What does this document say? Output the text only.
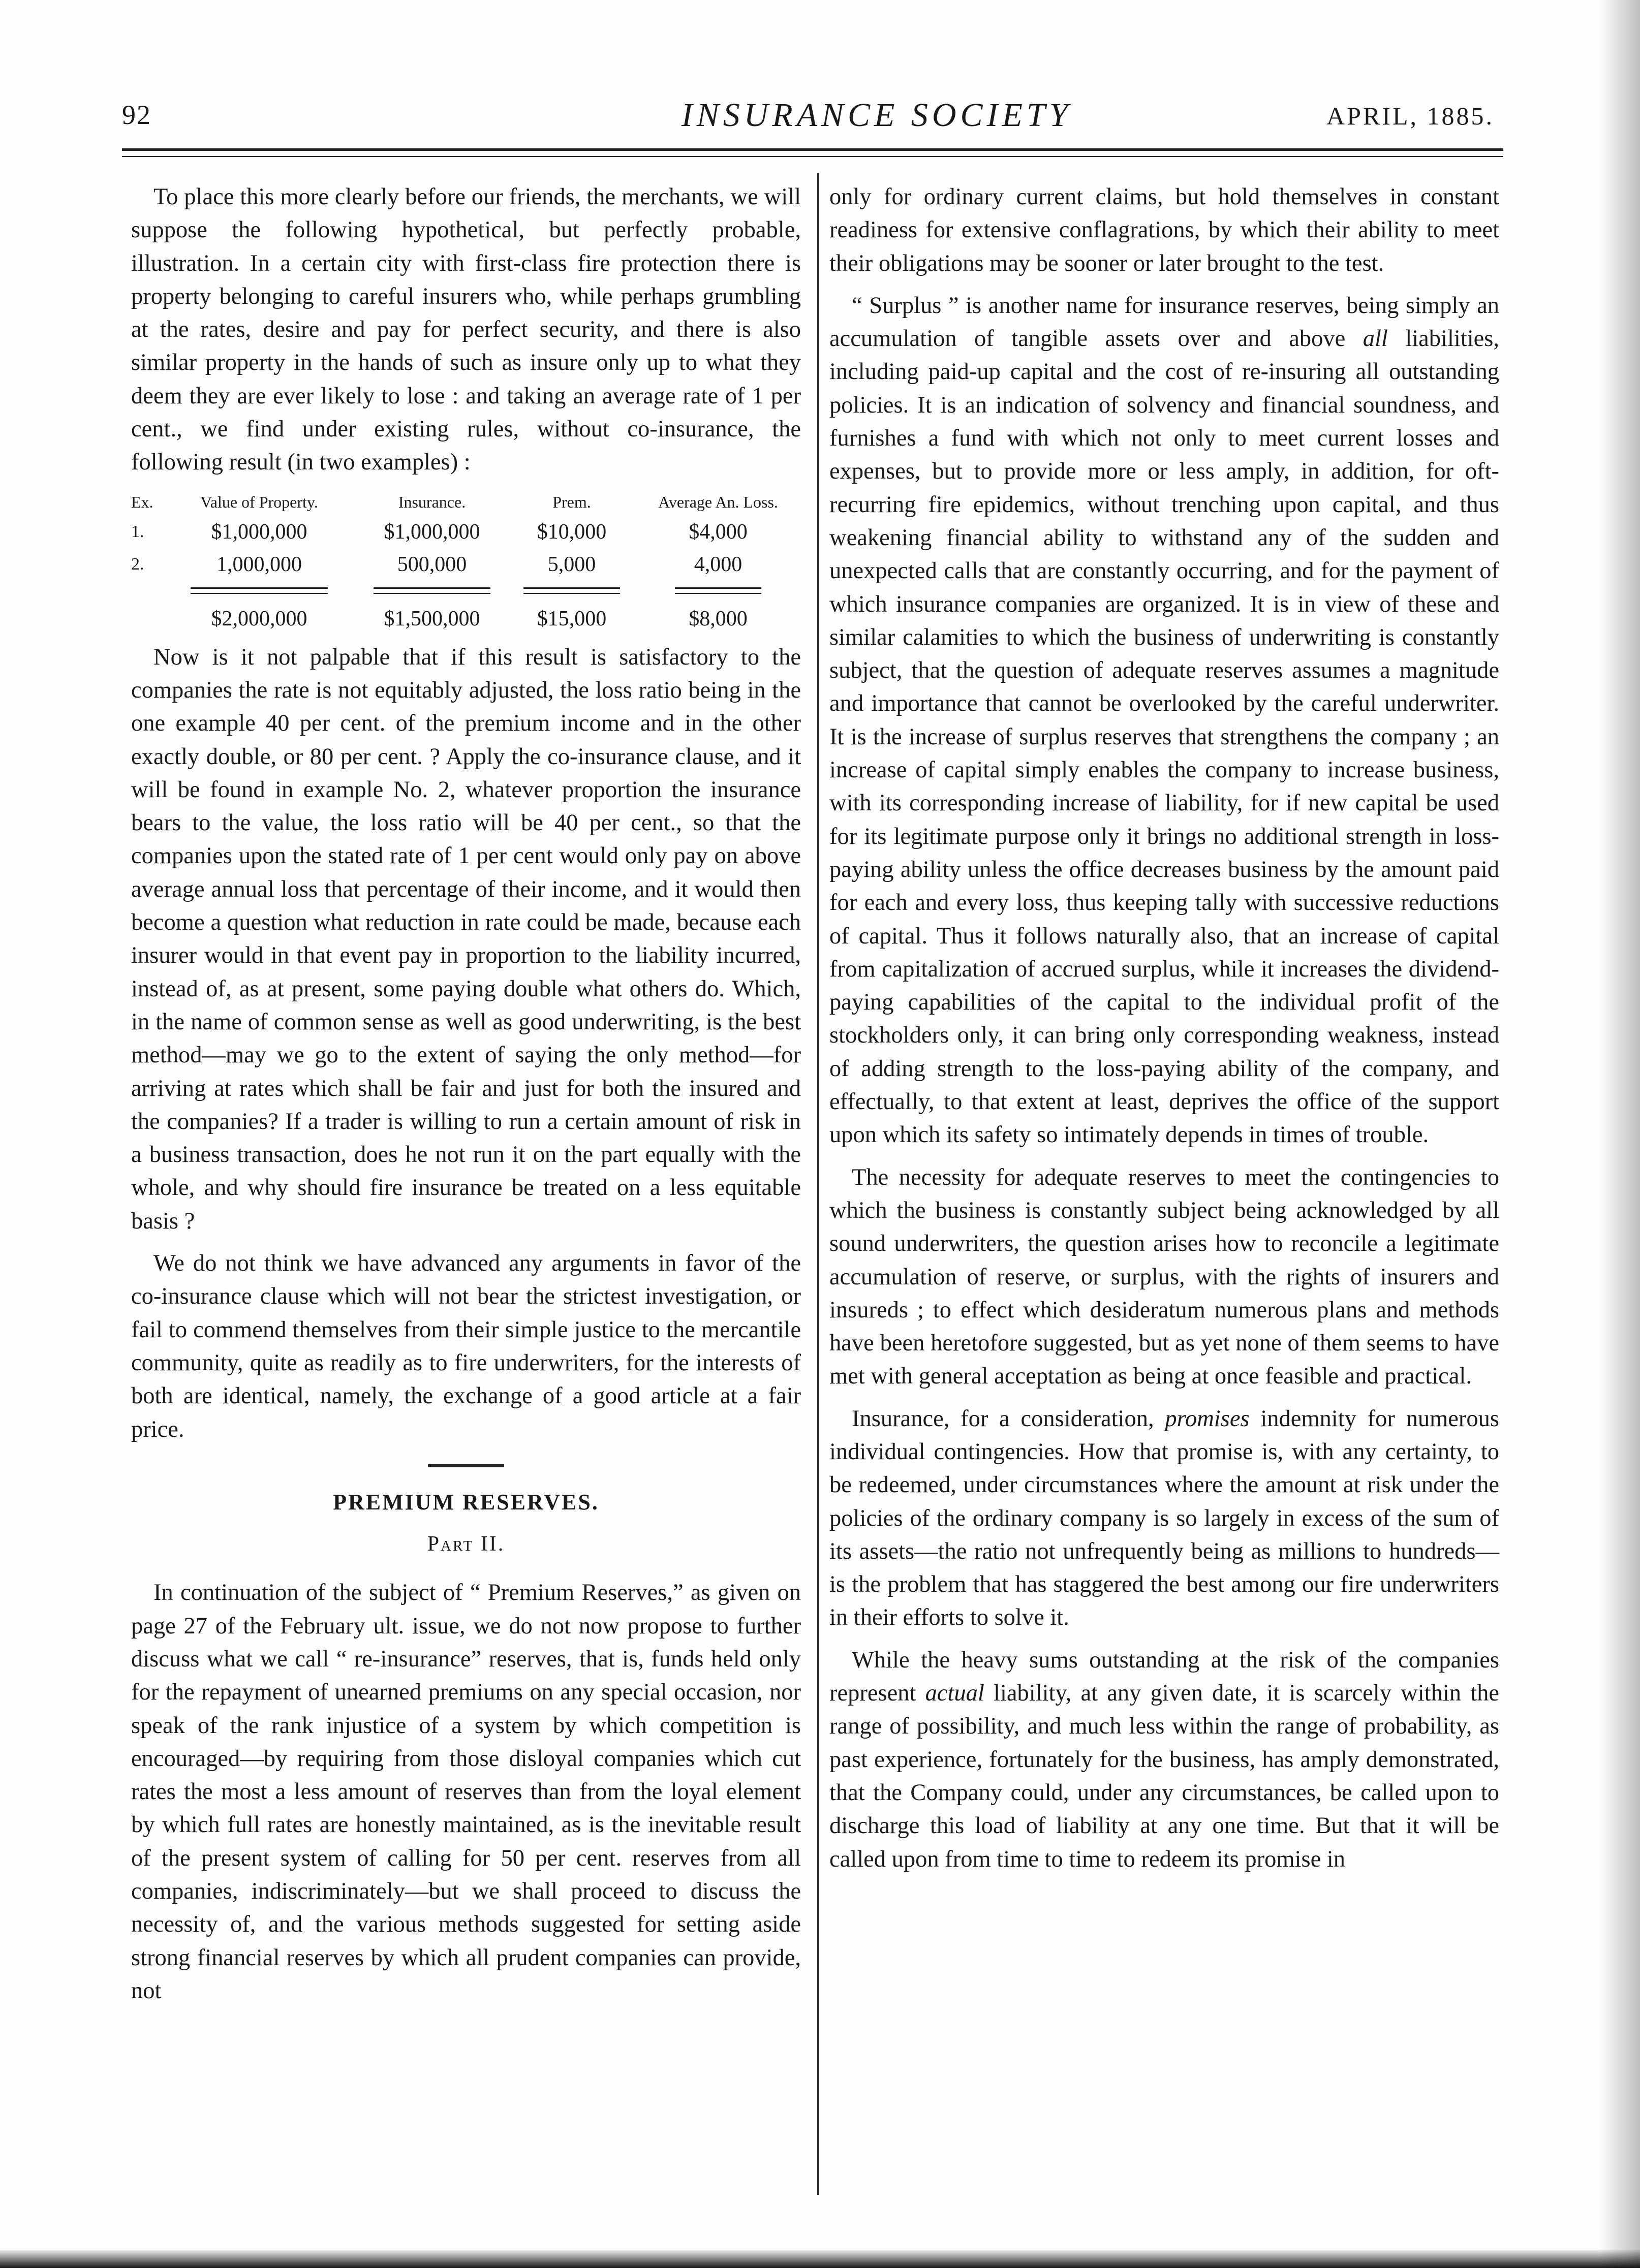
92	INSURANCE SOCIETY	APRIL, 1885.

To place this more clearly before our friends, the merchants, we will suppose the following hypothetical, but perfectly probable, illustration. In a certain city with first-class fire protection there is property belonging to careful insurers who, while perhaps grumbling at the rates, desire and pay for perfect security, and there is also similar property in the hands of such as insure only up to what they deem they are ever likely to lose : and taking an average rate of 1 per cent., we find under existing rules, without co-insurance, the following result (in two examples) :

Ex.	Value of Property.	Insurance.	Prem.	Average An. Loss.
1.	$1,000,000	$1,000,000	$10,000	$4,000
2.	1,000,000	500,000	5,000	4,000
$2,000,000	$1,500,000	$15,000	$8,000

Now is it not palpable that if this result is satisfactory to the companies the rate is not equitably adjusted, the loss ratio being in the one example 40 per cent. of the premium income and in the other exactly double, or 80 per cent. ? Apply the co-insurance clause, and it will be found in example No. 2, whatever proportion the insurance bears to the value, the loss ratio will be 40 per cent., so that the companies upon the stated rate of 1 per cent would only pay on above average annual loss that percentage of their income, and it would then become a question what reduction in rate could be made, because each insurer would in that event pay in proportion to the liability incurred, instead of, as at present, some paying double what others do. Which, in the name of common sense as well as good underwriting, is the best method—may we go to the extent of saying the only method—for arriving at rates which shall be fair and just for both the insured and the companies? If a trader is willing to run a certain amount of risk in a business transaction, does he not run it on the part equally with the whole, and why should fire insurance be treated on a less equitable basis ?

We do not think we have advanced any arguments in favor of the co-insurance clause which will not bear the strictest investigation, or fail to commend themselves from their simple justice to the mercantile community, quite as readily as to fire underwriters, for the interests of both are identical, namely, the exchange of a good article at a fair price.

PREMIUM RESERVES.
Part II.

In continuation of the subject of “ Premium Reserves,” as given on page 27 of the February ult. issue, we do not now propose to further discuss what we call “ re-insurance” reserves, that is, funds held only for the repayment of unearned premiums on any special occasion, nor speak of the rank injustice of a system by which competition is encouraged—by requiring from those disloyal companies which cut rates the most a less amount of reserves than from the loyal element by which full rates are honestly maintained, as is the inevitable result of the present system of calling for 50 per cent. reserves from all companies, indiscriminately—but we shall proceed to discuss the necessity of, and the various methods suggested for setting aside strong financial reserves by which all prudent companies can provide, not

only for ordinary current claims, but hold themselves in constant readiness for extensive conflagrations, by which their ability to meet their obligations may be sooner or later brought to the test.

“ Surplus ” is another name for insurance reserves, being simply an accumulation of tangible assets over and above all liabilities, including paid-up capital and the cost of re-insuring all outstanding policies. It is an indication of solvency and financial soundness, and furnishes a fund with which not only to meet current losses and expenses, but to provide more or less amply, in addition, for oft-recurring fire epidemics, without trenching upon capital, and thus weakening financial ability to withstand any of the sudden and unexpected calls that are constantly occurring, and for the payment of which insurance companies are organized. It is in view of these and similar calamities to which the business of underwriting is constantly subject, that the question of adequate reserves assumes a magnitude and importance that cannot be overlooked by the careful underwriter. It is the increase of surplus reserves that strengthens the company ; an increase of capital simply enables the company to increase business, with its corresponding increase of liability, for if new capital be used for its legitimate purpose only it brings no additional strength in loss-paying ability unless the office decreases business by the amount paid for each and every loss, thus keeping tally with successive reductions of capital. Thus it follows naturally also, that an increase of capital from capitalization of accrued surplus, while it increases the dividend-paying capabilities of the capital to the individual profit of the stockholders only, it can bring only corresponding weakness, instead of adding strength to the loss-paying ability of the company, and effectually, to that extent at least, deprives the office of the support upon which its safety so intimately depends in times of trouble.

The necessity for adequate reserves to meet the contingencies to which the business is constantly subject being acknowledged by all sound underwriters, the question arises how to reconcile a legitimate accumulation of reserve, or surplus, with the rights of insurers and insureds ; to effect which desideratum numerous plans and methods have been heretofore suggested, but as yet none of them seems to have met with general acceptation as being at once feasible and practical.

Insurance, for a consideration, promises indemnity for numerous individual contingencies. How that promise is, with any certainty, to be redeemed, under circumstances where the amount at risk under the policies of the ordinary company is so largely in excess of the sum of its assets—the ratio not unfrequently being as millions to hundreds—is the problem that has staggered the best among our fire underwriters in their efforts to solve it.

While the heavy sums outstanding at the risk of the companies represent actual liability, at any given date, it is scarcely within the range of possibility, and much less within the range of probability, as past experience, fortunately for the business, has amply demonstrated, that the Company could, under any circumstances, be called upon to discharge this load of liability at any one time. But that it will be called upon from time to time to redeem its promise in
